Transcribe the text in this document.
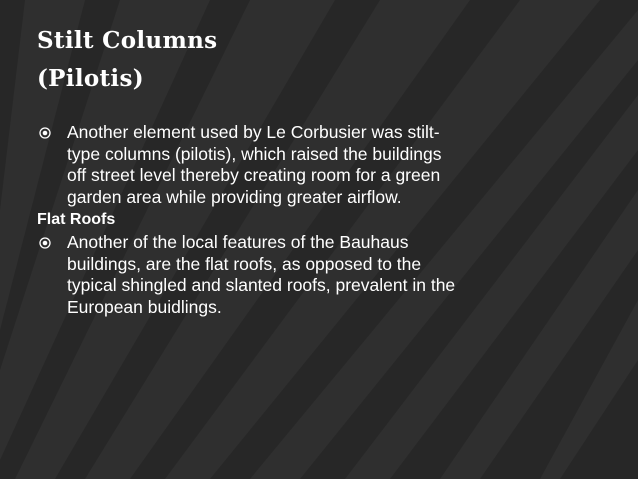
Stilt Columns
(Pilotis)
Another element used by Le Corbusier was stilt-
type columns (pilotis), which raised the buildings
off street level thereby creating room for a green
garden area while providing greater airflow.
Flat Roofs
Another of the local features of the Bauhaus
buildings, are the flat roofs, as opposed to the
typical shingled and slanted roofs, prevalent in the
European buidlings.
